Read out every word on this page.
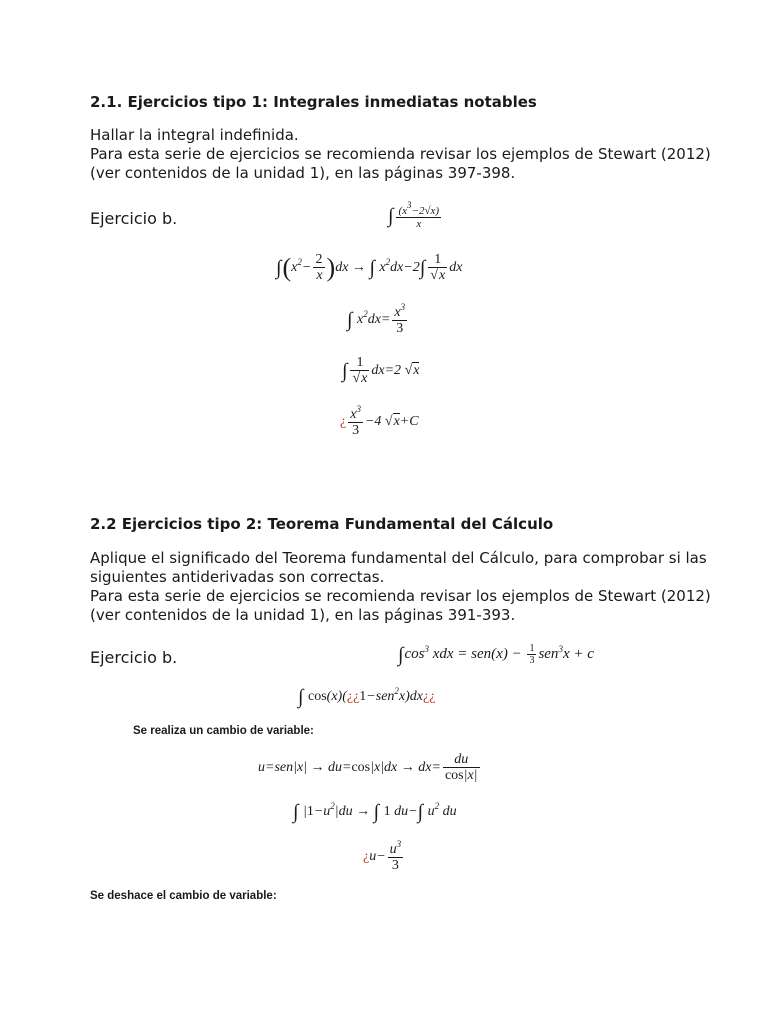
2.1. Ejercicios tipo 1: Integrales inmediatas notables
Hallar la integral indefinida.
Para esta serie de ejercicios se recomienda revisar los ejemplos de Stewart (2012)
(ver contenidos de la unidad 1), en las páginas 397-398.
Ejercicio b.	∫ $\frac{(x^3-2√x)}{x}$
$\int(x^2- \frac{2}{x} )dx$ → ∫ $x^2dx-2\int \frac{1}{√x}$ dx
∫ $x^2dx= \frac{x^3}{3}$
∫ $\frac{1}{√x} dx=2$ √x
¿ $\frac{x^3}{3} -4$ √x+C
2.2 Ejercicios tipo 2: Teorema Fundamental del Cálculo
Aplique el significado del Teorema fundamental del Cálculo, para comprobar si las
siguientes antiderivadas son correctas.
Para esta serie de ejercicios se recomienda revisar los ejemplos de Stewart (2012)
(ver contenidos de la unidad 1), en las páginas 391-393.
Ejercicio b.	$\int\cos^3$ xdx = $sen(x) - \frac{1}{3} sen^3x + c$
∫ cos(x)(¿¿1−sen$^2$x)dx¿¿
Se realiza un cambio de variable:
$u=sen|x| \to du=\cos|x|dx \to dx= \frac{du}{\cos|x|}$
∫ $|1-u^2|du$ → ∫ 1 du−∫ $u^2$ du
¿$u- \frac{u^3}{3}$
Se deshace el cambio de variable:
